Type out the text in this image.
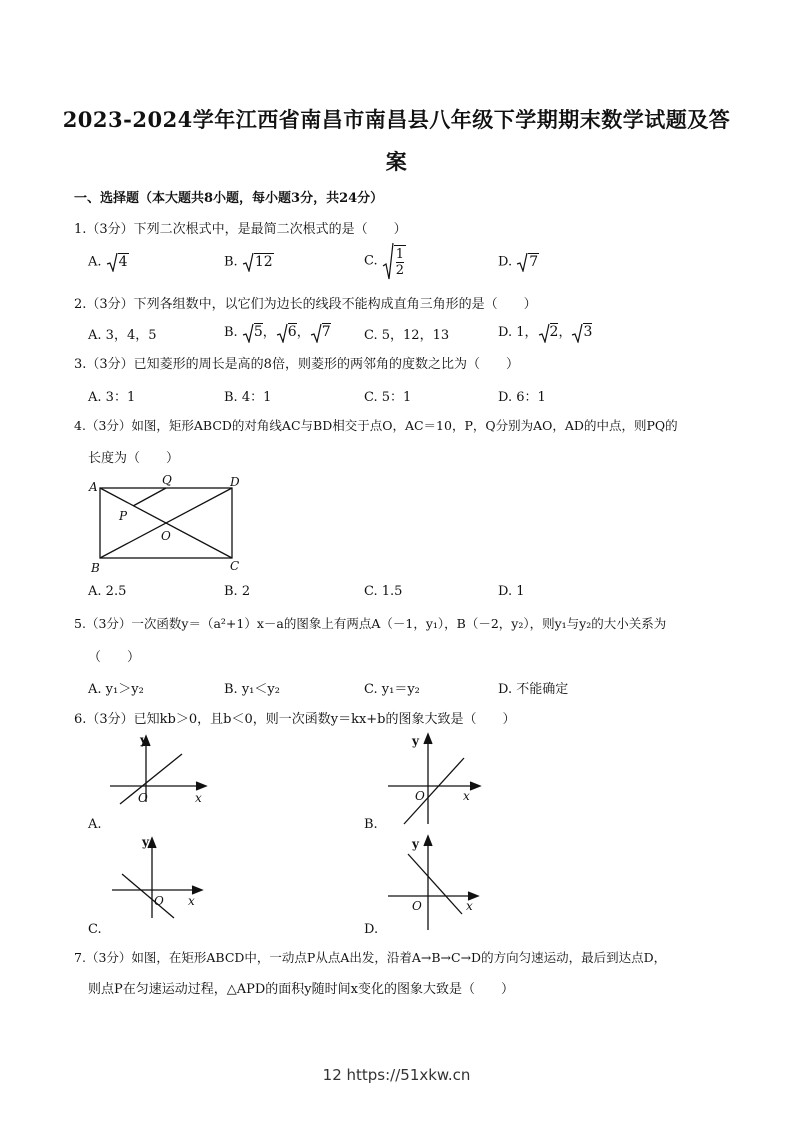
2023-2024学年江西省南昌市南昌县八年级下学期期末数学试题及答
案
一、选择题（本大题共8小题，每小题3分，共24分）
1.（3分）下列二次根式中，是最简二次根式的是（　　）
A. 4	B. 12	C. $\frac{1}{2}$	D. 7
2.（3分）下列各组数中，以它们为边长的线段不能构成直角三角形的是（　　）
A. 3，4，5	B. 5， 6， 7	C. 5，12，13	D. 1， 2， 3
3.（3分）已知菱形的周长是高的8倍，则菱形的两邻角的度数之比为（　　）
A. 3：1	B. 4：1	C. 5：1	D. 6：1
4.（3分）如图，矩形ABCD的对角线AC与BD相交于点O，AC＝10，P，Q分别为AO，AD的中点，则PQ的
长度为（　　）
A	Q	D
P
O
B	C
A. 2.5	B. 2	C. 1.5	D. 1
5.（3分）一次函数y＝（a²+1）x－a的图象上有两点A（－1，y₁），B（－2，y₂），则y₁与y₂的大小关系为
（　　）
A. y₁＞y₂	B. y₁＜y₂	C. y₁＝y₂	D. 不能确定
6.（3分）已知kb＞0，且b＜0，则一次函数y＝kx+b的图象大致是（　　）
y
O	x
A.
y
O	x
B.
y
O x
C.
y
O	x
D.
7.（3分）如图，在矩形ABCD中，一动点P从点A出发，沿着A→B→C→D的方向匀速运动，最后到达点D，
则点P在匀速运动过程，△APD的面积y随时间x变化的图象大致是（　　）
12 https://51xkw.cn
